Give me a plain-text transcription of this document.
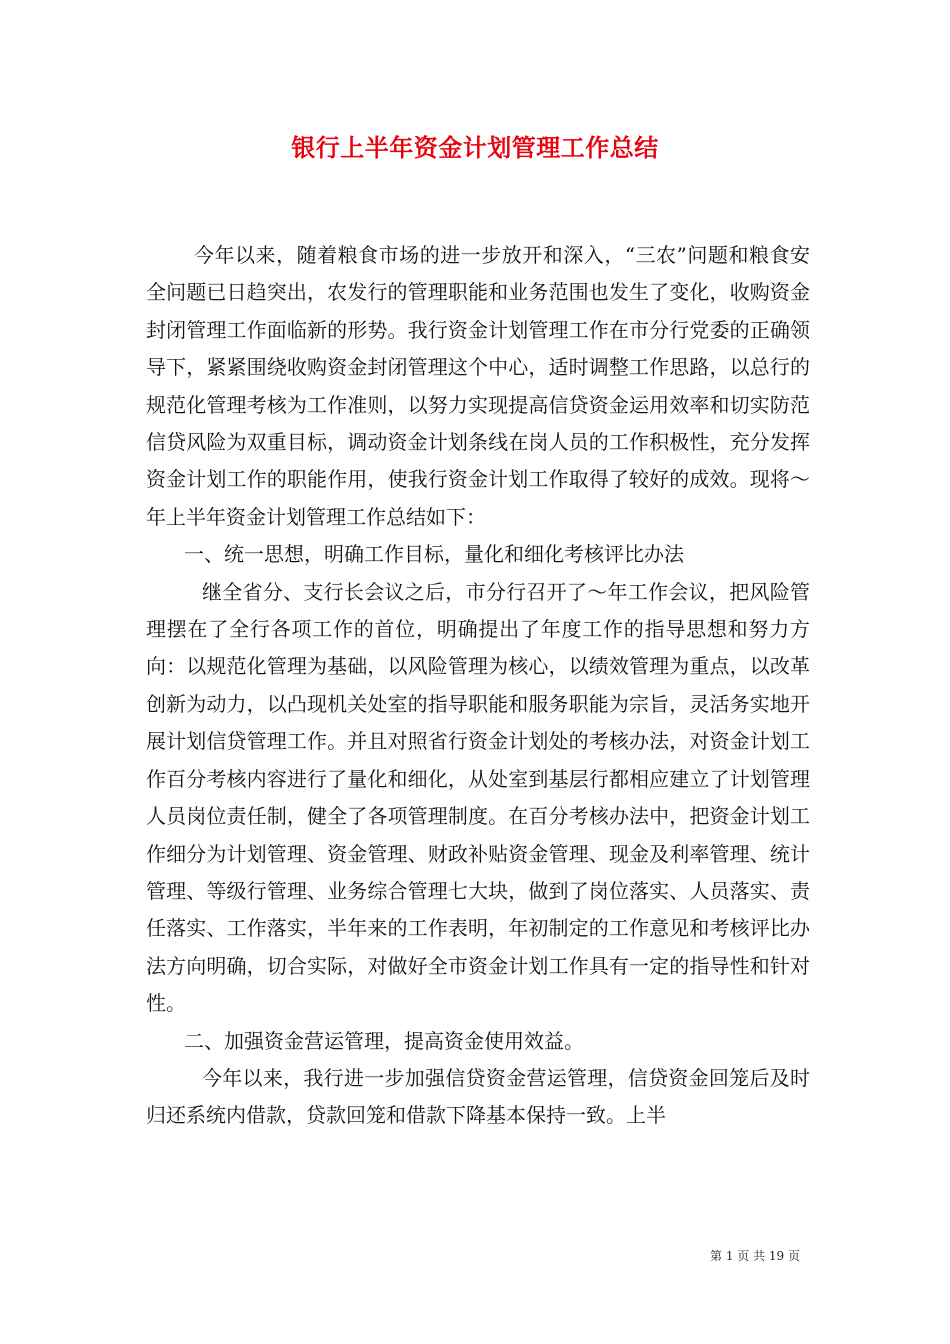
银行上半年资金计划管理工作总结

今年以来，随着粮食市场的进一步放开和深入，“三农”问题和粮食安全问题已日趋突出，农发行的管理职能和业务范围也发生了变化，收购资金封闭管理工作面临新的形势。我行资金计划管理工作在市分行党委的正确领导下，紧紧围绕收购资金封闭管理这个中心，适时调整工作思路，以总行的规范化管理考核为工作准则，以努力实现提高信贷资金运用效率和切实防范信贷风险为双重目标，调动资金计划条线在岗人员的工作积极性，充分发挥资金计划工作的职能作用，使我行资金计划工作取得了较好的成效。现将～年上半年资金计划管理工作总结如下：

一、统一思想，明确工作目标，量化和细化考核评比办法

继全省分、支行长会议之后，市分行召开了～年工作会议，把风险管理摆在了全行各项工作的首位，明确提出了年度工作的指导思想和努力方向：以规范化管理为基础，以风险管理为核心，以绩效管理为重点，以改革创新为动力，以凸现机关处室的指导职能和服务职能为宗旨，灵活务实地开展计划信贷管理工作。并且对照省行资金计划处的考核办法，对资金计划工作百分考核内容进行了量化和细化，从处室到基层行都相应建立了计划管理人员岗位责任制，健全了各项管理制度。在百分考核办法中，把资金计划工作细分为计划管理、资金管理、财政补贴资金管理、现金及利率管理、统计管理、等级行管理、业务综合管理七大块，做到了岗位落实、人员落实、责任落实、工作落实，半年来的工作表明，年初制定的工作意见和考核评比办法方向明确，切合实际，对做好全市资金计划工作具有一定的指导性和针对性。

二、加强资金营运管理，提高资金使用效益。

今年以来，我行进一步加强信贷资金营运管理，信贷资金回笼后及时归还系统内借款，贷款回笼和借款下降基本保持一致。上半

第 1 页 共 19 页
